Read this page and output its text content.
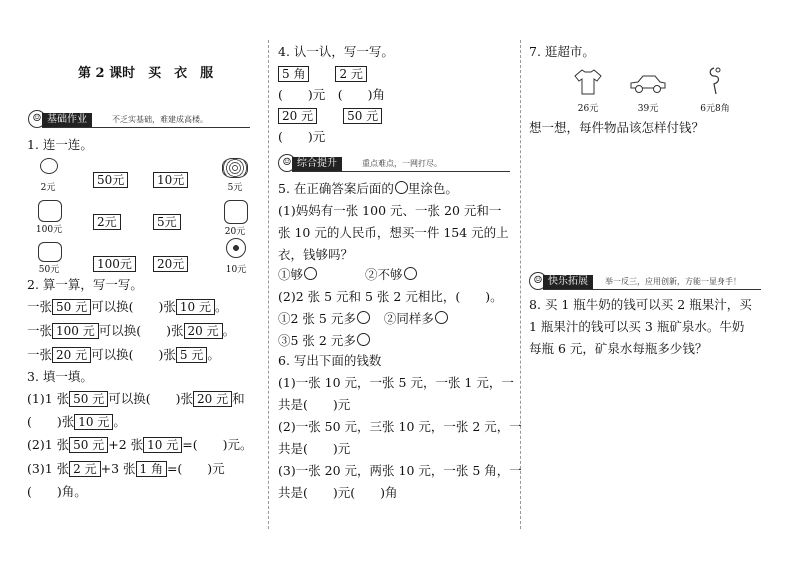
第 2 课时　买　衣　服
☺ 基础作业	不乏实基础，难建成高楼。
1. 连一连。
2元
100元
50元
50元
2元
100元
10元
5元
20元
5元
20元
10元
2. 算一算，写一写。
一张 50 元 可以换(　　)张 10 元 。
一张 100 元 可以换(　　)张 20 元 。
一张 20 元 可以换(　　)张 5 元 。
3. 填一填。
(1)1 张 50 元 可以换(　　)张 20 元 和
(　　)张 10 元 。
(2)1 张 50 元 +2 张 10 元 =(　　)元。
(3)1 张 2 元 +3 张 1 角 =(　　)元
(　　)角。
4. 认一认，写一写。
5 角	2 元
(　　)元　(　　)角
20 元	50 元
(　　)元
☺ 综合提升	重点难点，一网打尽。
5. 在正确答案后面的 里涂色。
(1)妈妈有一张 100 元、一张 20 元和一
张 10 元的人民币，想买一件 154 元的上
衣，钱够吗？
①够	②不够
(2)2 张 5 元和 5 张 2 元相比，(　　)。
①2 张 5 元多 ②同样多
③5 张 2 元多
6. 写出下面的钱数
(1)一张 10 元，一张 5 元，一张 1 元，一
共是(　　)元
(2)一张 50 元，三张 10 元，一张 2 元，一
共是(　　)元
(3)一张 20 元，两张 10 元，一张 5 角，一
共是(　　)元(　　)角
7. 逛超市。
26元	39元	6元8角
想一想，每件物品该怎样付钱？
☺ 快乐拓展	举一反三，应用创新，方能一显身手！
8. 买 1 瓶牛奶的钱可以买 2 瓶果汁，买
1 瓶果汁的钱可以买 3 瓶矿泉水。牛奶
每瓶 6 元，矿泉水每瓶多少钱？
